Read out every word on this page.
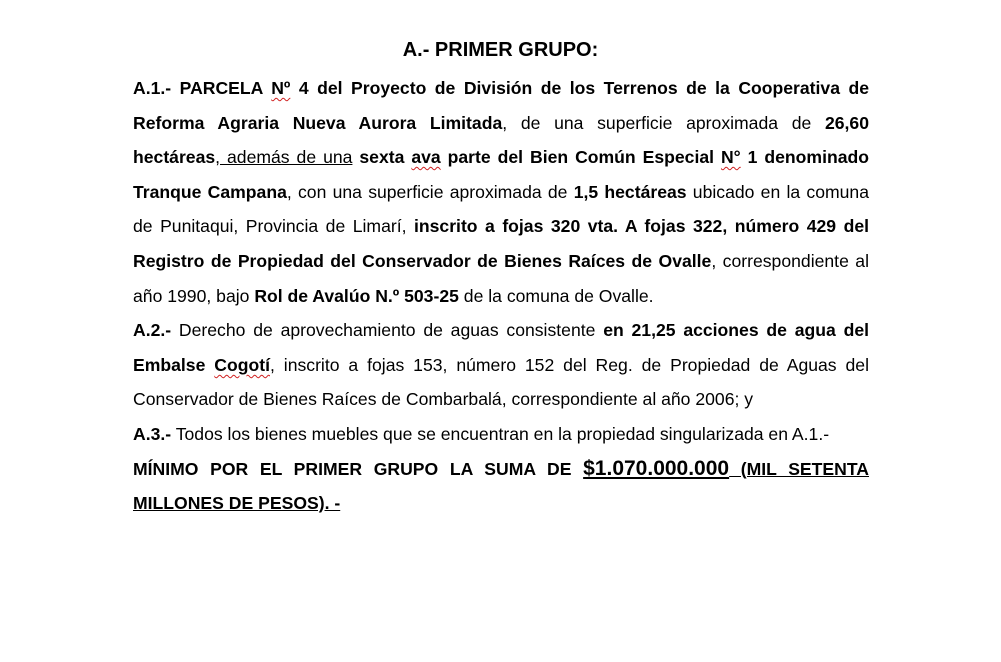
A.- PRIMER GRUPO:

A.1.- PARCELA Nº 4 del Proyecto de División de los Terrenos de la Cooperativa de Reforma Agraria Nueva Aurora Limitada, de una superficie aproximada de 26,60 hectáreas, además de una sexta ava parte del Bien Común Especial N° 1 denominado Tranque Campana, con una superficie aproximada de 1,5 hectáreas ubicado en la comuna de Punitaqui, Provincia de Limarí, inscrito a fojas 320 vta. A fojas 322, número 429 del Registro de Propiedad del Conservador de Bienes Raíces de Ovalle, correspondiente al año 1990, bajo Rol de Avalúo N.º 503-25 de la comuna de Ovalle.

A.2.- Derecho de aprovechamiento de aguas consistente en 21,25 acciones de agua del Embalse Cogotí, inscrito a fojas 153, número 152 del Reg. de Propiedad de Aguas del Conservador de Bienes Raíces de Combarbalá, correspondiente al año 2006; y

A.3.- Todos los bienes muebles que se encuentran en la propiedad singularizada en A.1.-

MÍNIMO POR EL PRIMER GRUPO LA SUMA DE $1.070.000.000 (MIL SETENTA MILLONES DE PESOS). -
